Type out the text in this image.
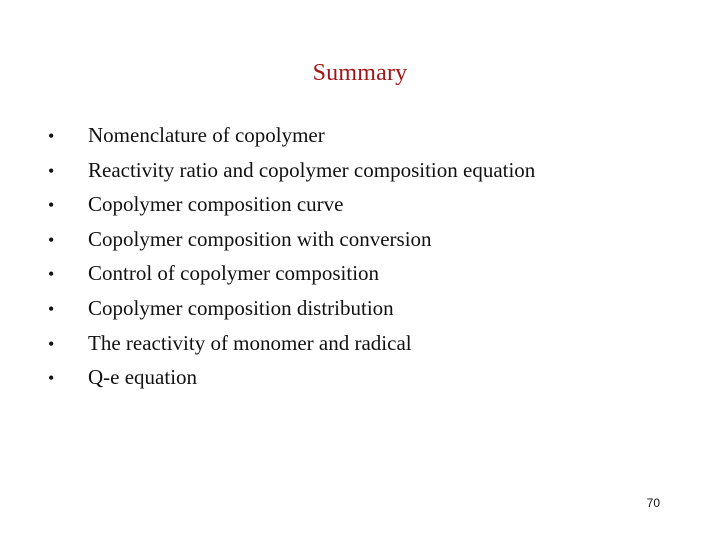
Summary
•	Nomenclature of copolymer
•	Reactivity ratio and copolymer composition equation
•	Copolymer composition curve
•	Copolymer composition with conversion
•	Control of copolymer composition
•	Copolymer composition distribution
•	The reactivity of monomer and radical
•	Q-e equation
70
